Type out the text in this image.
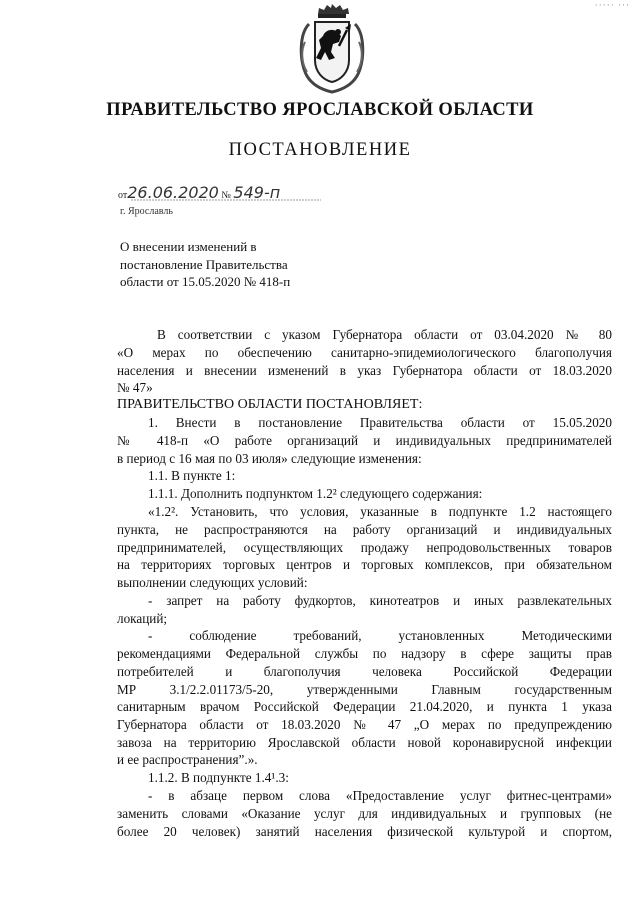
····· ···
ПРАВИТЕЛЬСТВО ЯРОСЛАВСКОЙ ОБЛАСТИ
ПОСТАНОВЛЕНИЕ
от26.06.2020 № 549-п
г. Ярославль
О внесении изменений в
постановление Правительства
области от 15.05.2020 № 418-п
В соответствии с указом Губернатора области от 03.04.2020 № 80
«О мерах по обеспечению санитарно-эпидемиологического благополучия
населения и внесении изменений в указ Губернатора области от 18.03.2020
№ 47»
ПРАВИТЕЛЬСТВО ОБЛАСТИ ПОСТАНОВЛЯЕТ:
1. Внести в постановление Правительства области от 15.05.2020
№ 418-п «О работе организаций и индивидуальных предпринимателей
в период с 16 мая по 03 июля» следующие изменения:
1.1. В пункте 1:
1.1.1. Дополнить подпунктом 1.2² следующего содержания:
«1.2². Установить, что условия, указанные в подпункте 1.2 настоящего
пункта, не распространяются на работу организаций и индивидуальных
предпринимателей, осуществляющих продажу непродовольственных товаров
на территориях торговых центров и торговых комплексов, при обязательном
выполнении следующих условий:
- запрет на работу фудкортов, кинотеатров и иных развлекательных
локаций;
- соблюдение требований, установленных Методическими
рекомендациями Федеральной службы по надзору в сфере защиты прав
потребителей и благополучия человека Российской Федерации
МР 3.1/2.2.01173/5-20, утвержденными Главным государственным
санитарным врачом Российской Федерации 21.04.2020, и пункта 1 указа
Губернатора области от 18.03.2020 № 47 „О мерах по предупреждению
завоза на территорию Ярославской области новой коронавирусной инфекции
и ее распространения”.».
1.1.2. В подпункте 1.4¹.3:
- в абзаце первом слова «Предоставление услуг фитнес-центрами»
заменить словами «Оказание услуг для индивидуальных и групповых (не
более 20 человек) занятий населения физической культурой и спортом,
